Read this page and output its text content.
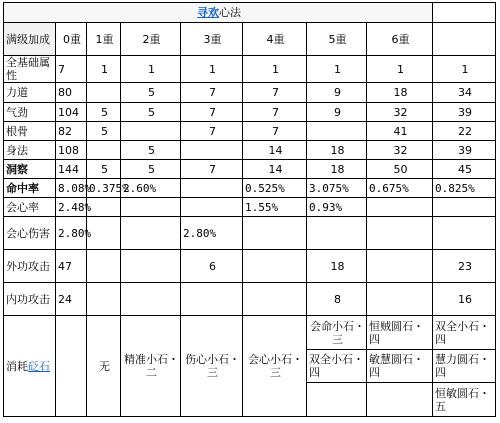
寻欢心法								
满级加成	0重	1重	2重	3重	4重	5重	6重	
全基础属性	7	1	1	1	1	1	1	1
力道	80		5	7	7	9	18	34
气劲	104	5	5	7	7	9	32	39
根骨	82	5		7	7		41	22
身法	108		5		14	18	32	39
洞察	144	5	5	7	14	18	50	45
命中率	8.08%	0.375%	2.60%		0.525%	3.075%	0.675%	0.825%
会心率	2.48%				1.55%	0.93%		
会心伤害	2.80%			2.80%				
外功攻击	47			6		18		23
内功攻击	24					8		16
消耗砭石		无	精准小石・二	伤心小石・三	会心小石・三	会命小石・三	恒贼圆石・四	双全小石・四
						双全小石・四	敏慧圆石・四	慧力圆石・四
								恒敏圆石・五
